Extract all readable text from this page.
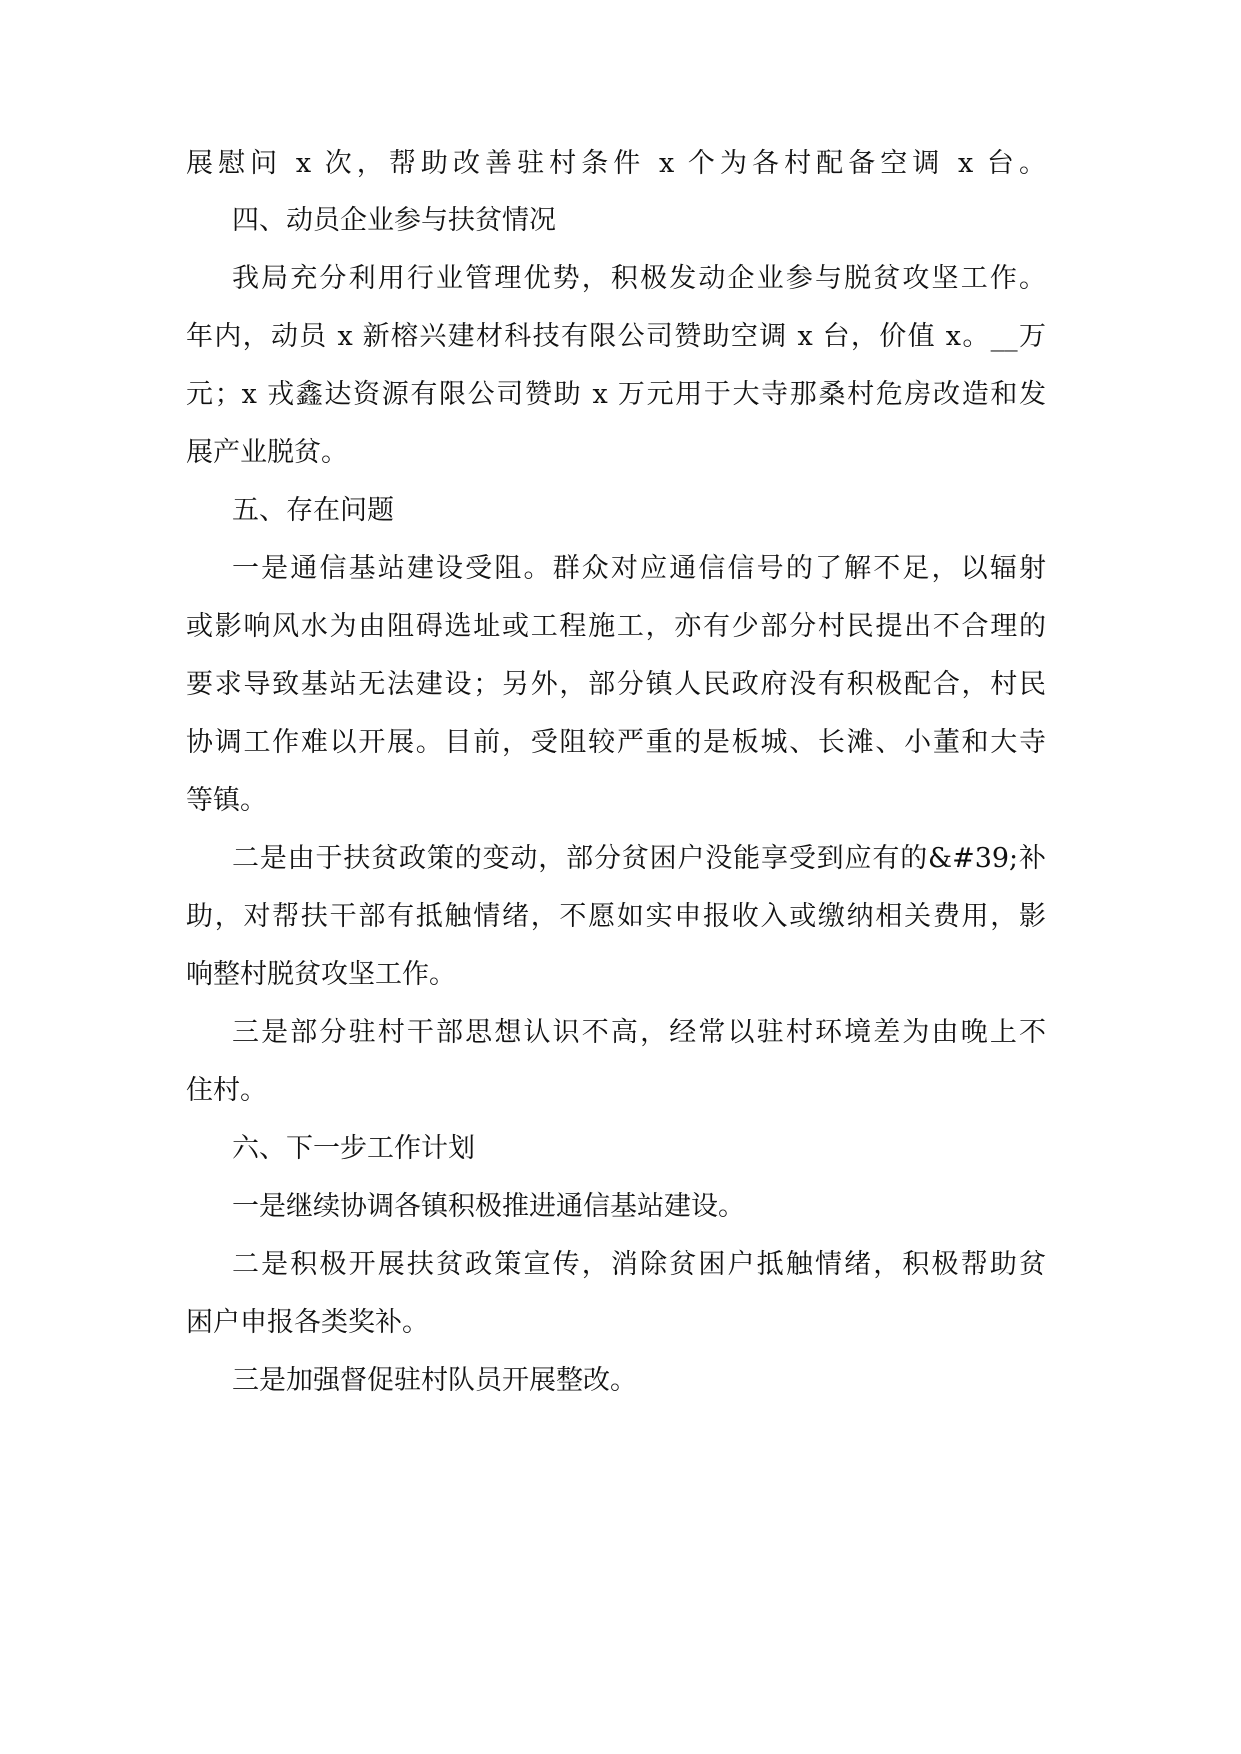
展慰问 x 次，帮助改善驻村条件 x 个为各村配备空调 x 台。
四、动员企业参与扶贫情况
我局充分利用行业管理优势，积极发动企业参与脱贫攻坚工作。
年内，动员 x 新榕兴建材科技有限公司赞助空调 x 台，价值 x。__万
元；x 戎鑫达资源有限公司赞助 x 万元用于大寺那桑村危房改造和发
展产业脱贫。
五、存在问题
一是通信基站建设受阻。群众对应通信信号的了解不足，以辐射
或影响风水为由阻碍选址或工程施工，亦有少部分村民提出不合理的
要求导致基站无法建设；另外，部分镇人民政府没有积极配合，村民
协调工作难以开展。目前，受阻较严重的是板城、长滩、小董和大寺
等镇。
二是由于扶贫政策的变动，部分贫困户没能享受到应有的&#39;补
助，对帮扶干部有抵触情绪，不愿如实申报收入或缴纳相关费用，影
响整村脱贫攻坚工作。
三是部分驻村干部思想认识不高，经常以驻村环境差为由晚上不
住村。
六、下一步工作计划
一是继续协调各镇积极推进通信基站建设。
二是积极开展扶贫政策宣传，消除贫困户抵触情绪，积极帮助贫
困户申报各类奖补。
三是加强督促驻村队员开展整改。
